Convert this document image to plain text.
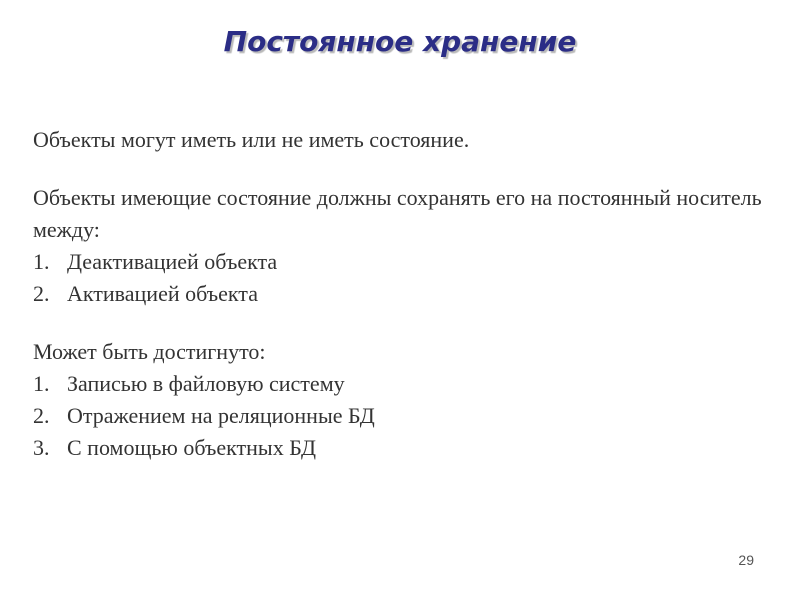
Постоянное хранение

Объекты могут иметь или не иметь состояние.

Объекты имеющие состояние должны сохранять его на постоянный носитель между:

1. Деактивацией объекта
2. Активацией объекта

Может быть достигнуто:

1. Записью в файловую систему
2. Отражением на реляционные БД
3. С помощью объектных БД
29
